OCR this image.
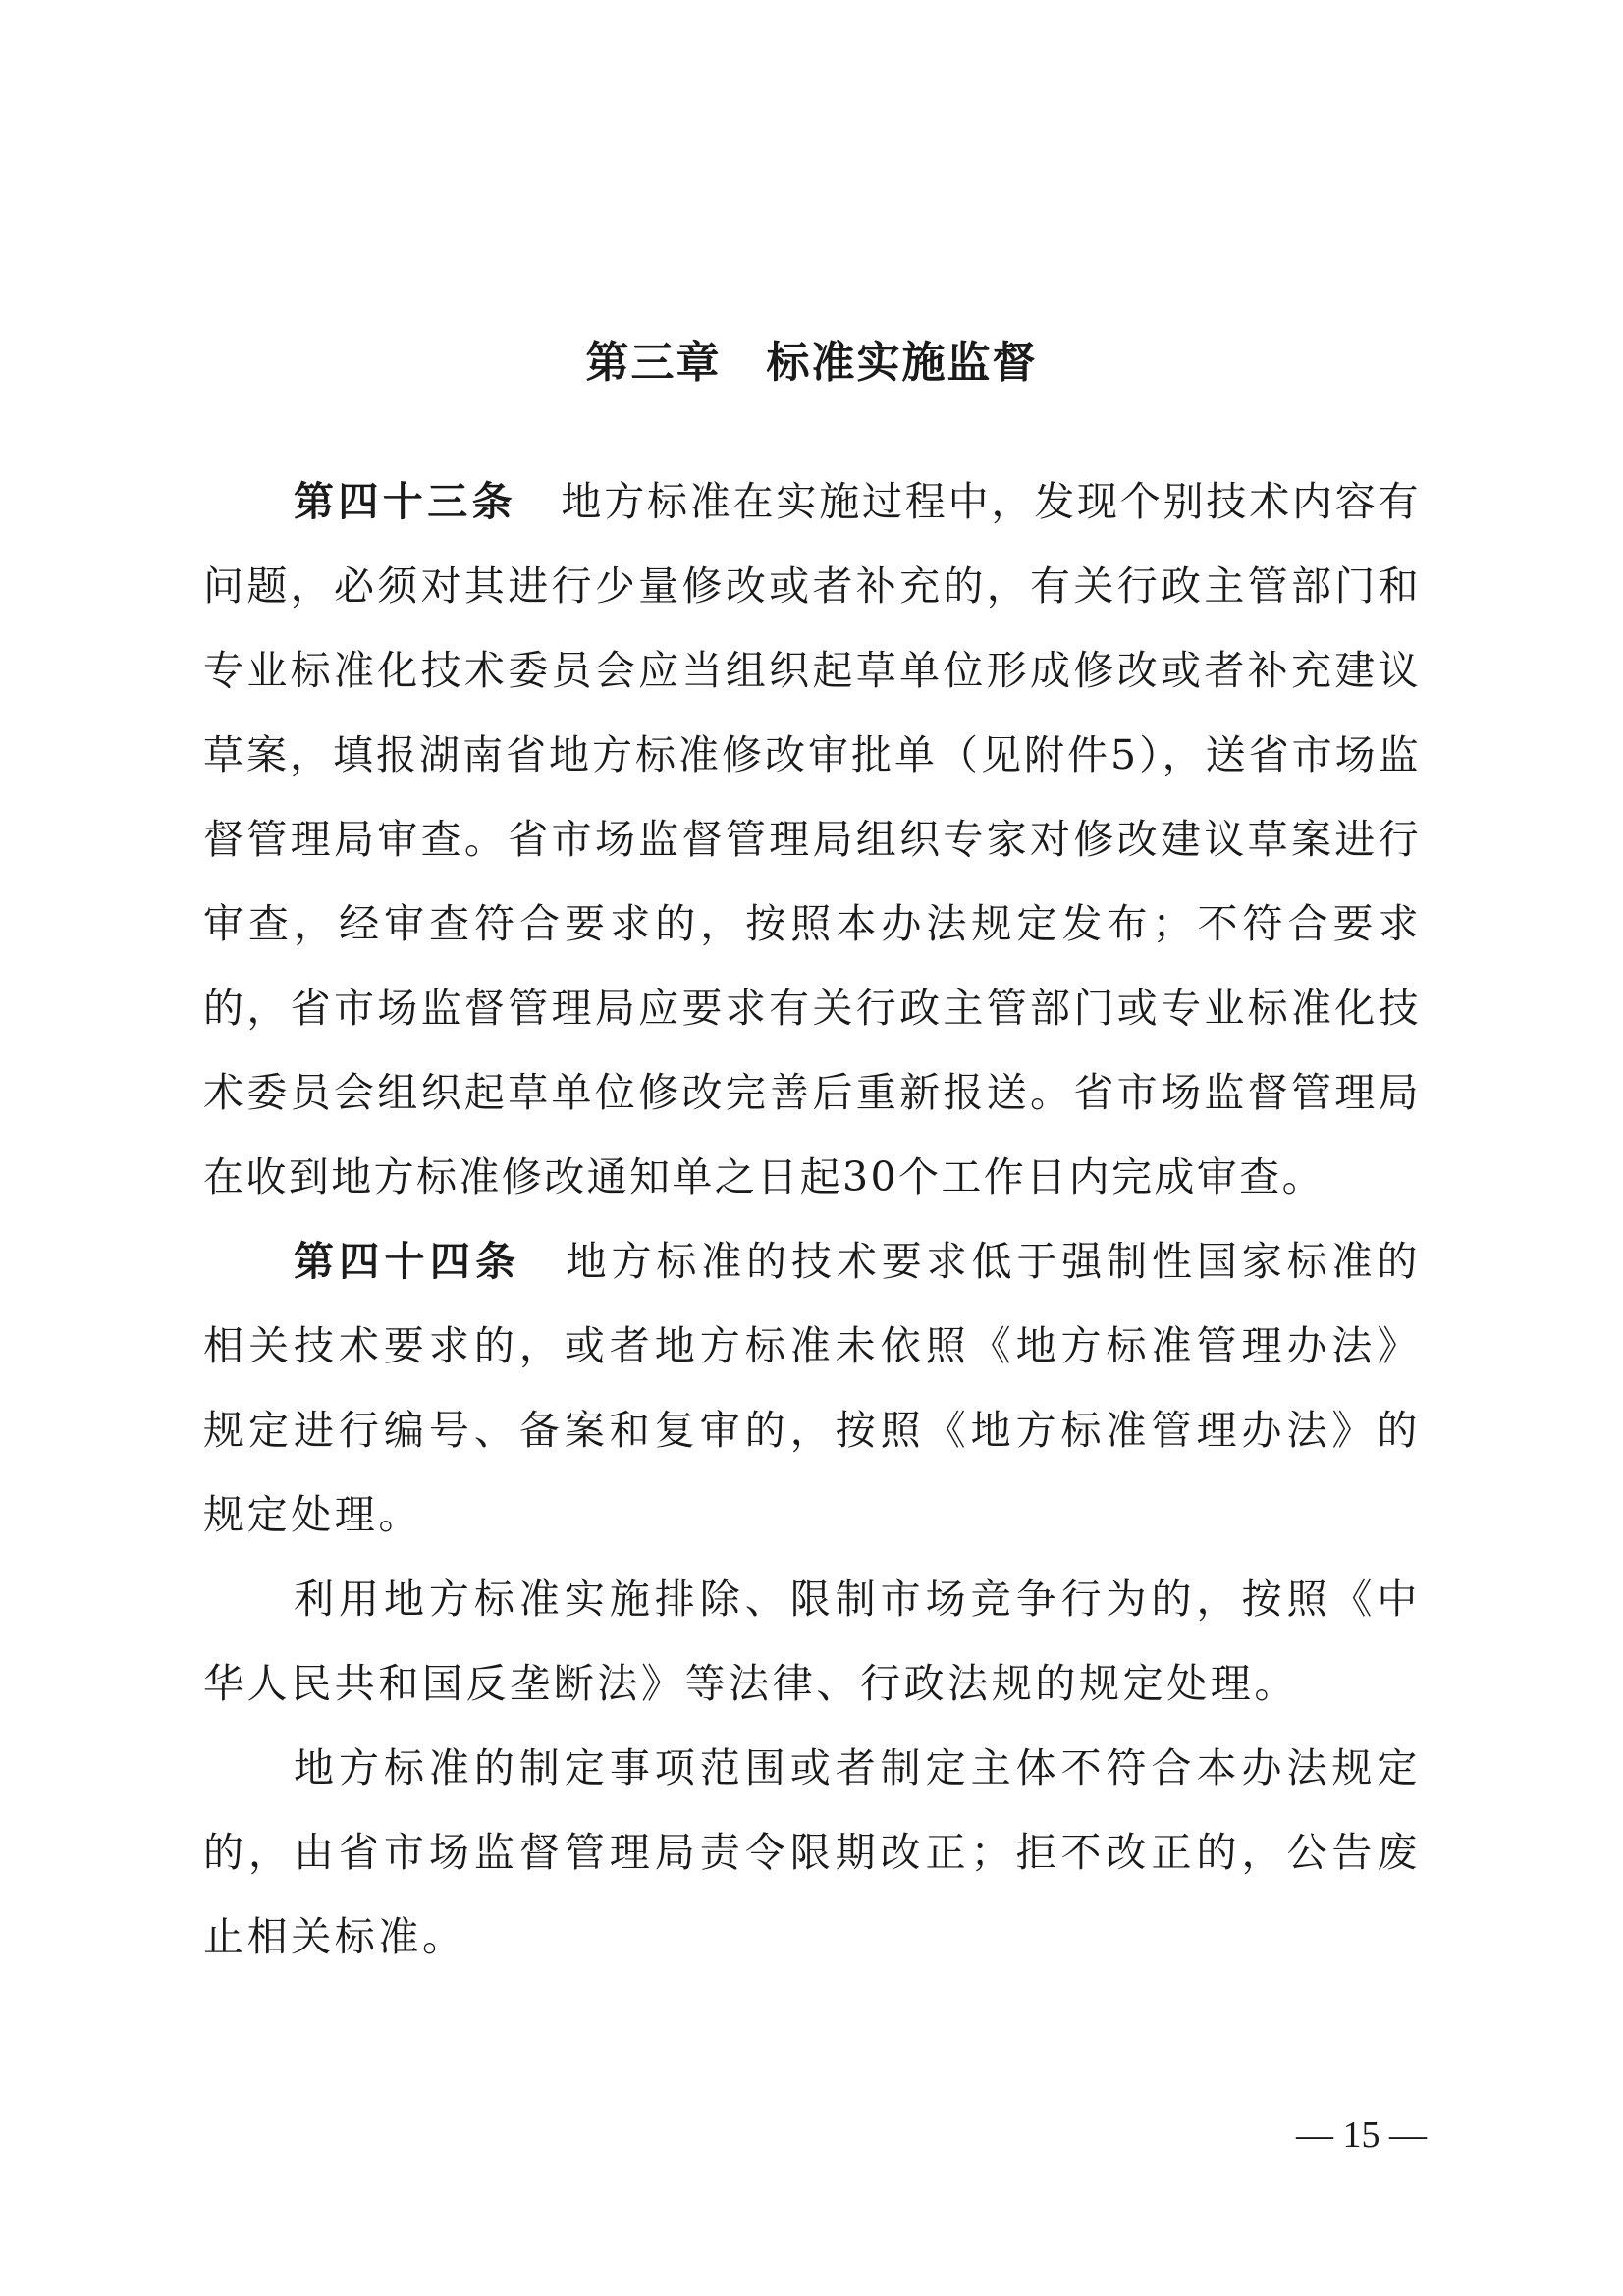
第三章　标准实施监督

第四十三条　地方标准在实施过程中，发现个别技术内容有问题，必须对其进行少量修改或者补充的，有关行政主管部门和专业标准化技术委员会应当组织起草单位形成修改或者补充建议草案，填报湖南省地方标准修改审批单（见附件5），送省市场监督管理局审查。省市场监督管理局组织专家对修改建议草案进行审查，经审查符合要求的，按照本办法规定发布；不符合要求的，省市场监督管理局应要求有关行政主管部门或专业标准化技术委员会组织起草单位修改完善后重新报送。省市场监督管理局在收到地方标准修改通知单之日起30个工作日内完成审查。

第四十四条　地方标准的技术要求低于强制性国家标准的相关技术要求的，或者地方标准未依照《地方标准管理办法》规定进行编号、备案和复审的，按照《地方标准管理办法》的规定处理。

利用地方标准实施排除、限制市场竞争行为的，按照《中华人民共和国反垄断法》等法律、行政法规的规定处理。

地方标准的制定事项范围或者制定主体不符合本办法规定的，由省市场监督管理局责令限期改正；拒不改正的，公告废止相关标准。

— 15 —
